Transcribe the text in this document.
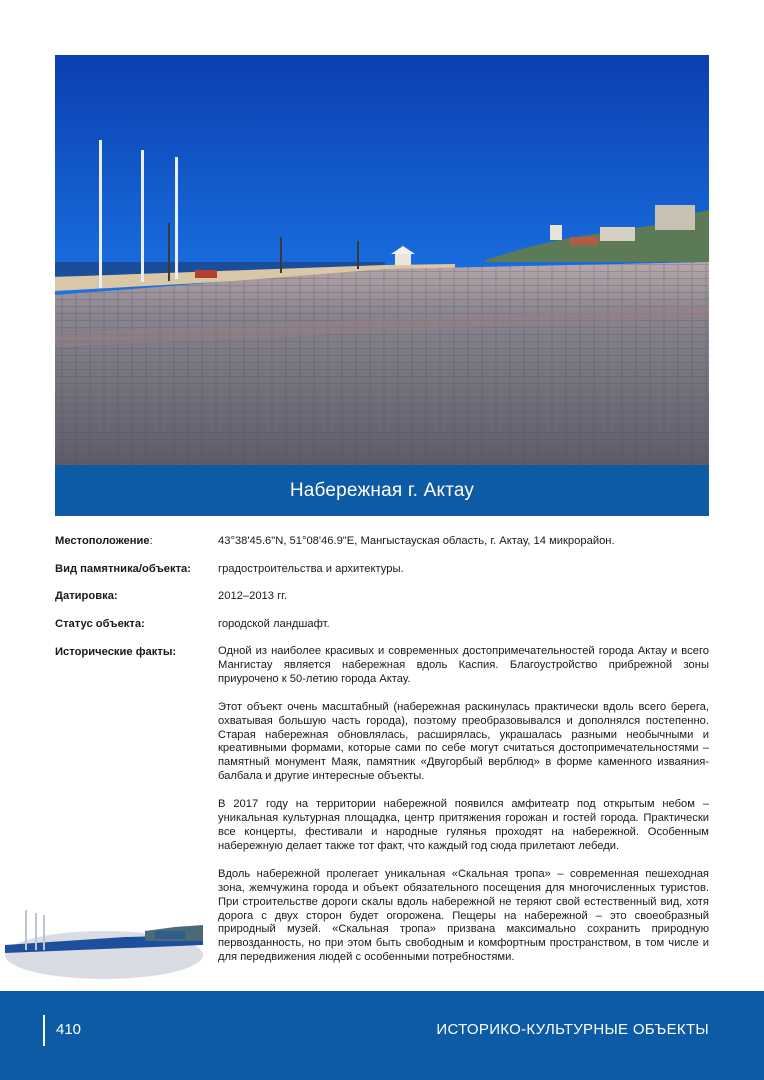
Набережная г. Актау
Местоположение:	43°38'45.6"N, 51°08'46.9"E, Мангыстауская область, г. Актау, 14 микрорайон.
Вид памятника/объекта: градостроительства и архитектуры.
Датировка:	2012–2013 гг.
Статус объекта:	городской ландшафт.
Исторические факты:	Одной из наиболее красивых и современных достопримечательностей города Актау и всего Мангистау является набережная вдоль Каспия. Благоустройство прибрежной зоны приурочено к 50-летию города Актау.

Этот объект очень масштабный (набережная раскинулась практически вдоль всего берега, охватывая большую часть города), поэтому преобразовывался и дополнялся постепенно. Старая набережная обновлялась, расширялась, украшалась разными необычными и креативными формами, которые сами по себе могут считаться достопримечательностями – памятный монумент Маяк, памятник «Двугорбый верблюд» в форме каменного изваяния-балбала и другие интересные объекты.

В 2017 году на территории набережной появился амфитеатр под открытым небом – уникальная культурная площадка, центр притяжения горожан и гостей города. Практически все концерты, фестивали и народные гулянья проходят на набережной. Особенным набережную делает также тот факт, что каждый год сюда прилетают лебеди.

Вдоль набережной пролегает уникальная «Скальная тропа» – современная пешеходная зона, жемчужина города и объект обязательного посещения для многочисленных туристов. При строительстве дороги скалы вдоль набережной не теряют свой естественный вид, хотя дорога с двух сторон будет огорожена. Пещеры на набережной – это своеобразный природный музей. «Скальная тропа» призвана максимально сохранить природную первозданность, но при этом быть свободным и комфортным пространством, в том числе и для передвижения людей с особенными потребностями.

410	ИСТОРИКО-КУЛЬТУРНЫЕ ОБЪЕКТЫ
